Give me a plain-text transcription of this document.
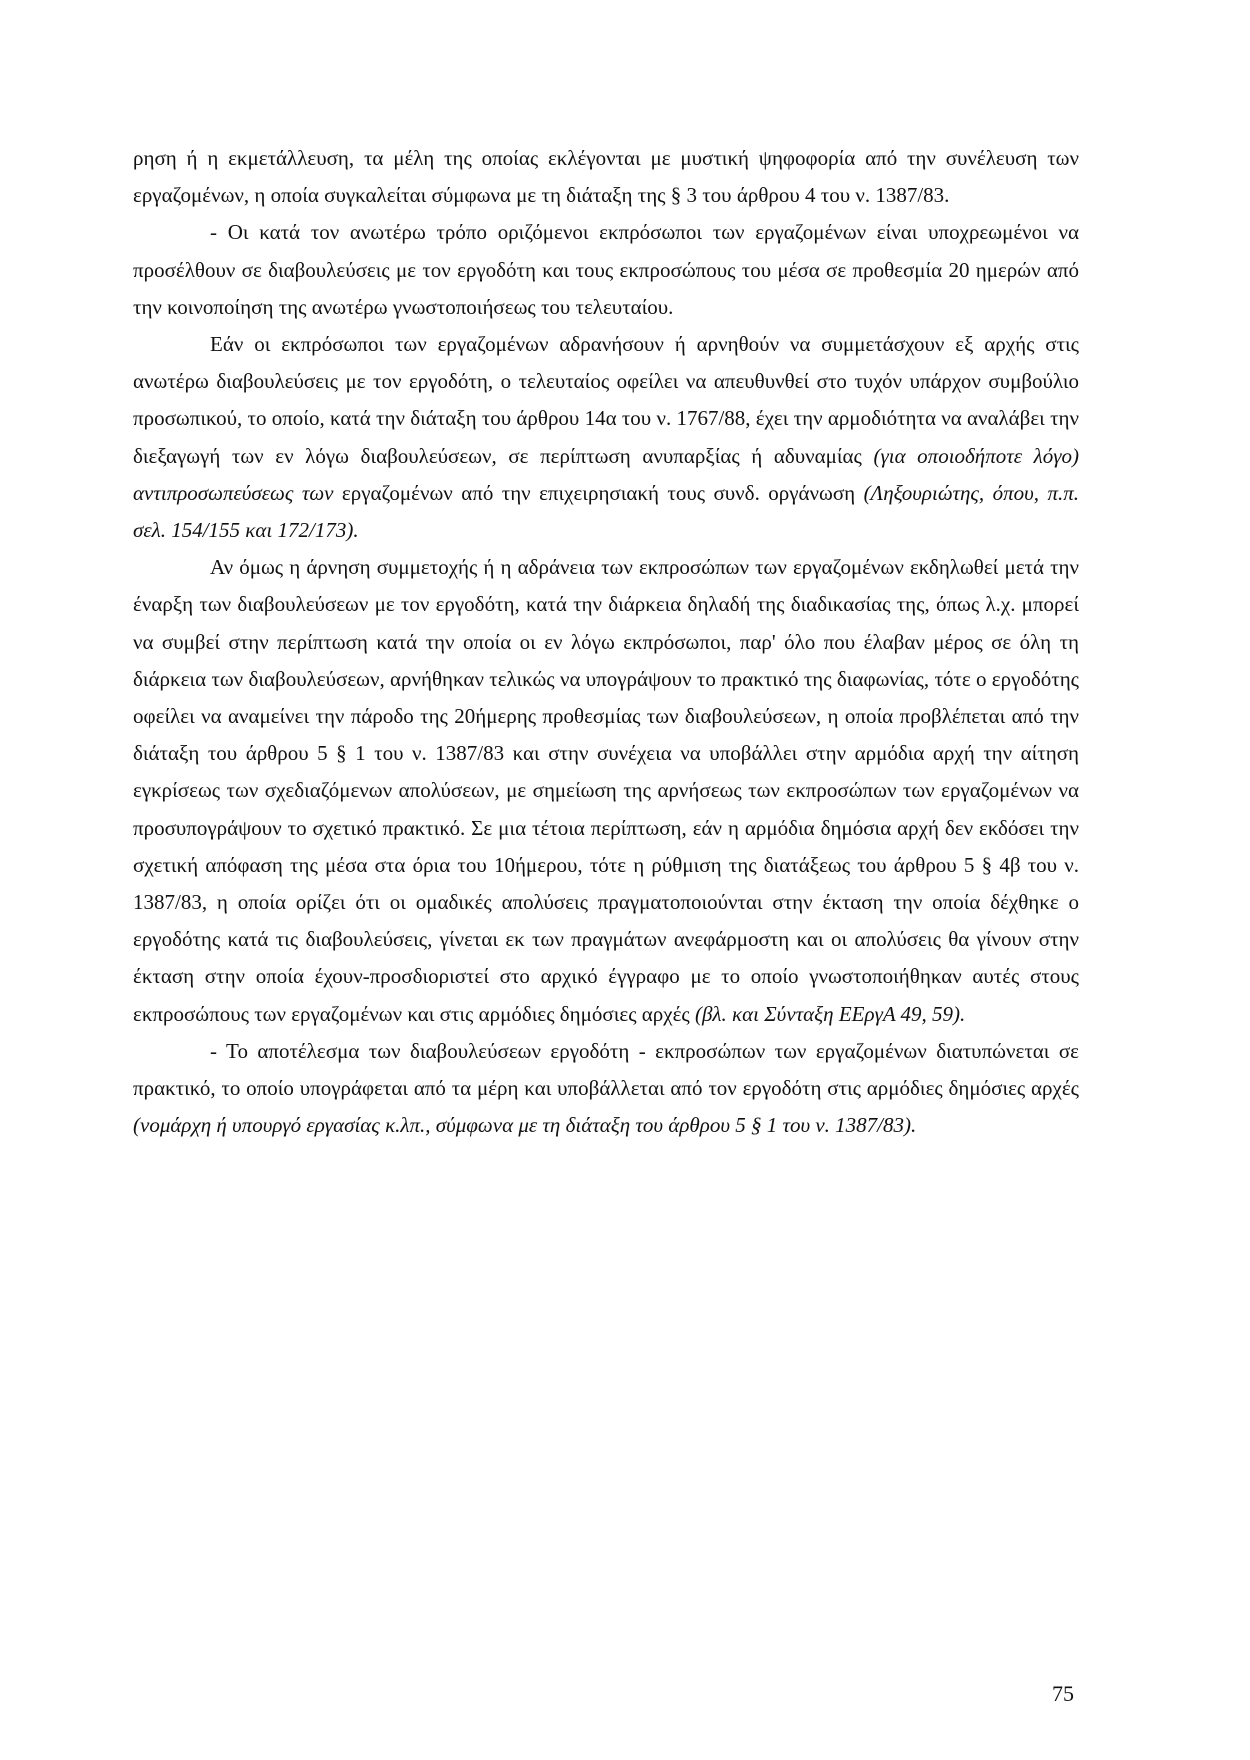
ρηση ή η εκμετάλλευση, τα μέλη της οποίας εκλέγονται με μυστική ψηφοφορία από την συνέλευση των εργαζομένων, η οποία συγκαλείται σύμφωνα με τη διάταξη της § 3 του άρθρου 4 του ν. 1387/83.

- Οι κατά τον ανωτέρω τρόπο οριζόμενοι εκπρόσωποι των εργαζομένων είναι υποχρεωμένοι να προσέλθουν σε διαβουλεύσεις με τον εργοδότη και τους εκπροσώπους του μέσα σε προθεσμία 20 ημερών από την κοινοποίηση της ανωτέρω γνωστοποιήσεως του τελευταίου.

Εάν οι εκπρόσωποι των εργαζομένων αδρανήσουν ή αρνηθούν να συμμετάσχουν εξ αρχής στις ανωτέρω διαβουλεύσεις με τον εργοδότη, ο τελευταίος οφείλει να απευθυνθεί στο τυχόν υπάρχον συμβούλιο προσωπικού, το οποίο, κατά την διάταξη του άρθρου 14α του ν. 1767/88, έχει την αρμοδιότητα να αναλάβει την διεξαγωγή των εν λόγω διαβουλεύσεων, σε περίπτωση ανυπαρξίας ή αδυναμίας (για οποιοδήποτε λόγο) αντιπροσωπεύσεως των εργαζομένων από την επιχειρησιακή τους συνδ. οργάνωση (Ληξουριώτης, όπου, π.π. σελ. 154/155 και 172/173).

Αν όμως η άρνηση συμμετοχής ή η αδράνεια των εκπροσώπων των εργαζομένων εκδηλωθεί μετά την έναρξη των διαβουλεύσεων με τον εργοδότη, κατά την διάρκεια δηλαδή της διαδικασίας της, όπως λ.χ. μπορεί να συμβεί στην περίπτωση κατά την οποία οι εν λόγω εκπρόσωποι, παρ' όλο που έλαβαν μέρος σε όλη τη διάρκεια των διαβουλεύσεων, αρνήθηκαν τελικώς να υπογράψουν το πρακτικό της διαφωνίας, τότε ο εργοδότης οφείλει να αναμείνει την πάροδο της 20ήμερης προθεσμίας των διαβουλεύσεων, η οποία προβλέπεται από την διάταξη του άρθρου 5 § 1 του ν. 1387/83 και στην συνέχεια να υποβάλλει στην αρμόδια αρχή την αίτηση εγκρίσεως των σχεδιαζόμενων απολύσεων, με σημείωση της αρνήσεως των εκπροσώπων των εργαζομένων να προσυπογράψουν το σχετικό πρακτικό. Σε μια τέτοια περίπτωση, εάν η αρμόδια δημόσια αρχή δεν εκδόσει την σχετική απόφαση της μέσα στα όρια του 10ήμερου, τότε η ρύθμιση της διατάξεως του άρθρου 5 § 4β του ν. 1387/83, η οποία ορίζει ότι οι ομαδικές απολύσεις πραγματοποιούνται στην έκταση την οποία δέχθηκε ο εργοδότης κατά τις διαβουλεύσεις, γίνεται εκ των πραγμάτων ανεφάρμοστη και οι απολύσεις θα γίνουν στην έκταση στην οποία έχουν-προσδιοριστεί στο αρχικό έγγραφο με το οποίο γνωστοποιήθηκαν αυτές στους εκπροσώπους των εργαζομένων και στις αρμόδιες δημόσιες αρχές (βλ. και Σύνταξη ΕΕργΑ 49, 59).

- Το αποτέλεσμα των διαβουλεύσεων εργοδότη - εκπροσώπων των εργαζομένων διατυπώνεται σε πρακτικό, το οποίο υπογράφεται από τα μέρη και υποβάλλεται από τον εργοδότη στις αρμόδιες δημόσιες αρχές (νομάρχη ή υπουργό εργασίας κ.λπ., σύμφωνα με τη διάταξη του άρθρου 5 § 1 του ν. 1387/83).

75
